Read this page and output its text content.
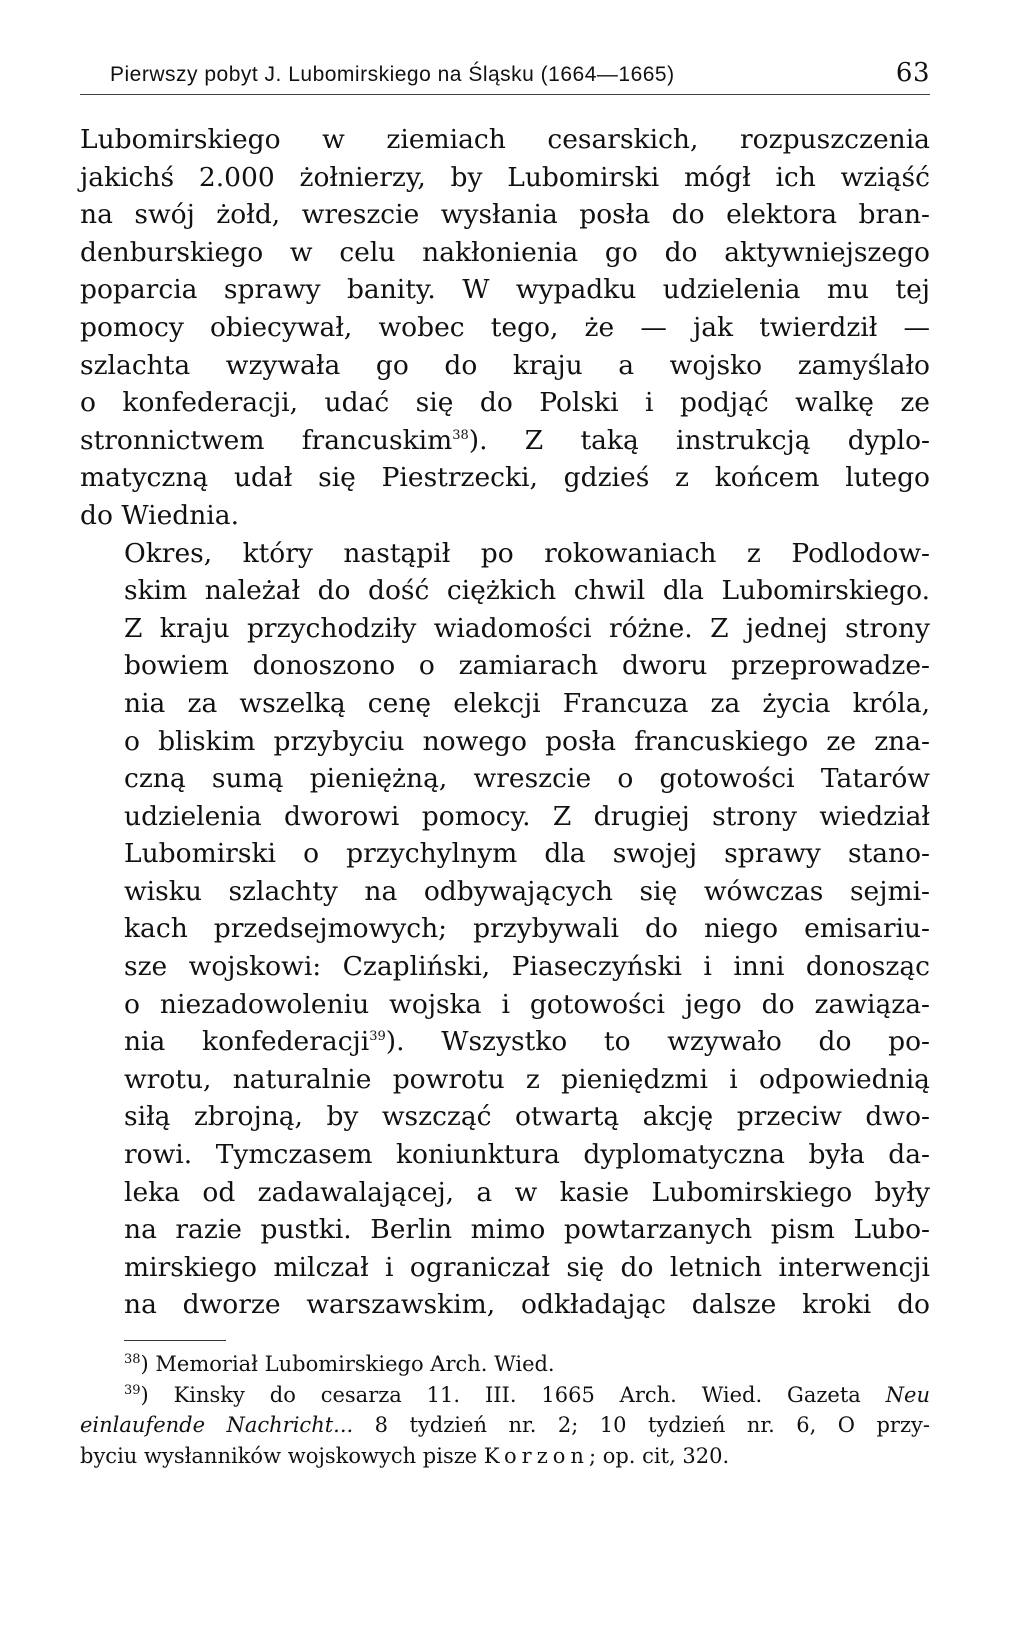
Pierwszy pobyt J. Lubomirskiego na Śląsku (1664—1665)	63
Lubomirskiego w ziemiach cesarskich, rozpuszczenia
jakichś 2.000 żołnierzy, by Lubomirski mógł ich wziąść
na swój żołd, wreszcie wysłania posła do elektora bran-
denburskiego w celu nakłonienia go do aktywniejszego
poparcia sprawy banity. W wypadku udzielenia mu tej
pomocy obiecywał, wobec tego, że — jak twierdził —
szlachta wzywała go do kraju a wojsko zamyślało
o konfederacji, udać się do Polski i podjąć walkę ze
stronnictwem francuskim$^{38}$). Z taką instrukcją dyplo-
matyczną udał się Piestrzecki, gdzieś z końcem lutego
do Wiednia.
Okres, który nastąpił po rokowaniach z Podlodow-
skim należał do dość ciężkich chwil dla Lubomirskiego.
Z kraju przychodziły wiadomości różne. Z jednej strony
bowiem donoszono o zamiarach dworu przeprowadze-
nia za wszelką cenę elekcji Francuza za życia króla,
o bliskim przybyciu nowego posła francuskiego ze zna-
czną sumą pieniężną, wreszcie o gotowości Tatarów
udzielenia dworowi pomocy. Z drugiej strony wiedział
Lubomirski o przychylnym dla swojej sprawy stano-
wisku szlachty na odbywających się wówczas sejmi-
kach przedsejmowych; przybywali do niego emisariu-
sze wojskowi: Czapliński, Piaseczyński i inni donosząc
o niezadowoleniu wojska i gotowości jego do zawiąza-
nia konfederacji$^{39}$). Wszystko to wzywało do po-
wrotu, naturalnie powrotu z pieniędzmi i odpowiednią
siłą zbrojną, by wszcząć otwartą akcję przeciw dwo-
rowi. Tymczasem koniunktura dyplomatyczna była da-
leka od zadawalającej, a w kasie Lubomirskiego były
na razie pustki. Berlin mimo powtarzanych pism Lubo-
mirskiego milczał i ograniczał się do letnich interwencji
na dworze warszawskim, odkładając dalsze kroki do
$^{38}$) Memoriał Lubomirskiego Arch. Wied.
$^{39}$) Kinsky do cesarza 11. III. 1665 Arch. Wied. Gazeta Neu
einlaufende Nachricht... 8 tydzień nr. 2; 10 tydzień nr. 6, O przy-
byciu wysłanników wojskowych pisze Korzon; op. cit, 320.
